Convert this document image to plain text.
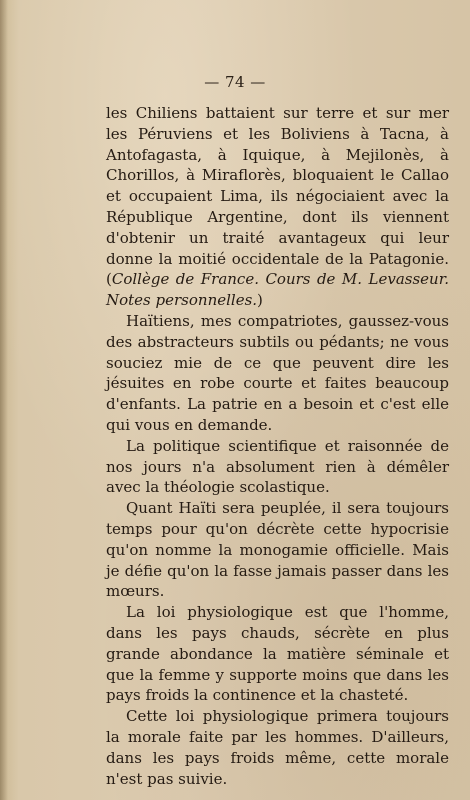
— 74 —

les Chiliens battaient sur terre et sur mer les Péruviens et les Boliviens à Tacna, à Antofagasta, à Iquique, à Mejilonès, à Chorillos, à Miraflorès, bloquaient le Callao et occupaient Lima, ils négociaient avec la République Argentine, dont ils viennent d'obtenir un traité avantageux qui leur donne la moitié occidentale de la Patagonie. (Collège de France. Cours de M. Levasseur. Notes personnelles.)

Haïtiens, mes compatriotes, gaussez-vous des abstracteurs subtils ou pédants; ne vous souciez mie de ce que peuvent dire les jésuites en robe courte et faites beaucoup d'enfants. La patrie en a besoin et c'est elle qui vous en demande.

La politique scientifique et raisonnée de nos jours n'a absolument rien à démêler avec la théologie scolastique.

Quant Haïti sera peuplée, il sera toujours temps pour qu'on décrète cette hypocrisie qu'on nomme la monogamie officielle. Mais je défie qu'on la fasse jamais passer dans les mœurs.

La loi physiologique est que l'homme, dans les pays chauds, sécrète en plus grande abondance la matière séminale et que la femme y supporte moins que dans les pays froids la continence et la chasteté.

Cette loi physiologique primera toujours la morale faite par les hommes. D'ailleurs, dans les pays froids même, cette morale n'est pas suivie.
